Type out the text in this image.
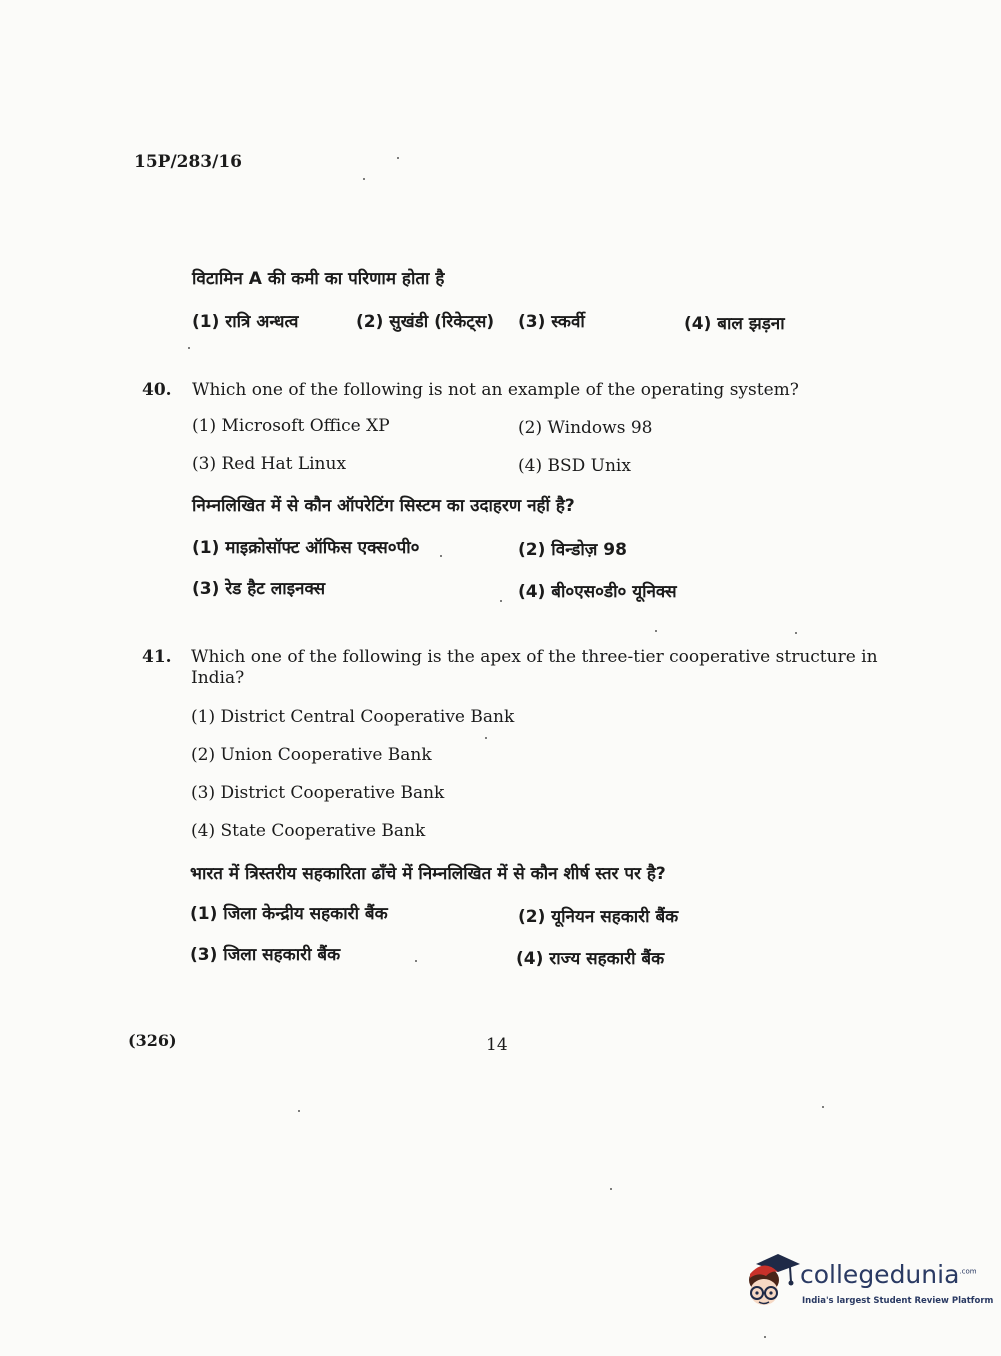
15P/283/16
विटामिन A की कमी का परिणाम होता है
(1) रात्रि अन्धत्व	(2) सुखंडी (रिकेट्स) (3) स्कर्वी	(4) बाल झड़ना
40. Which one of the following is not an example of the operating system?
(1) Microsoft Office XP	(2) Windows 98
(3) Red Hat Linux	(4) BSD Unix
निम्नलिखित में से कौन ऑपरेटिंग सिस्टम का उदाहरण नहीं है?
(1) माइक्रोसॉफ्ट ऑफिस एक्स०पी०	(2) विन्डोज़ 98
(3) रेड हैट लाइनक्स	(4) बी०एस०डी० यूनिक्स
41. Which one of the following is the apex of the three-tier cooperative structure in
India?
(1) District Central Cooperative Bank
(2) Union Cooperative Bank
(3) District Cooperative Bank
(4) State Cooperative Bank
भारत में त्रिस्तरीय सहकारिता ढाँचे में निम्नलिखित में से कौन शीर्ष स्तर पर है?
(1) जिला केन्द्रीय सहकारी बैंक	(2) यूनियन सहकारी बैंक
(3) जिला सहकारी बैंक	(4) राज्य सहकारी बैंक
(326)	14
collegedunia$^{.com}$
India's largest Student Review Platform
